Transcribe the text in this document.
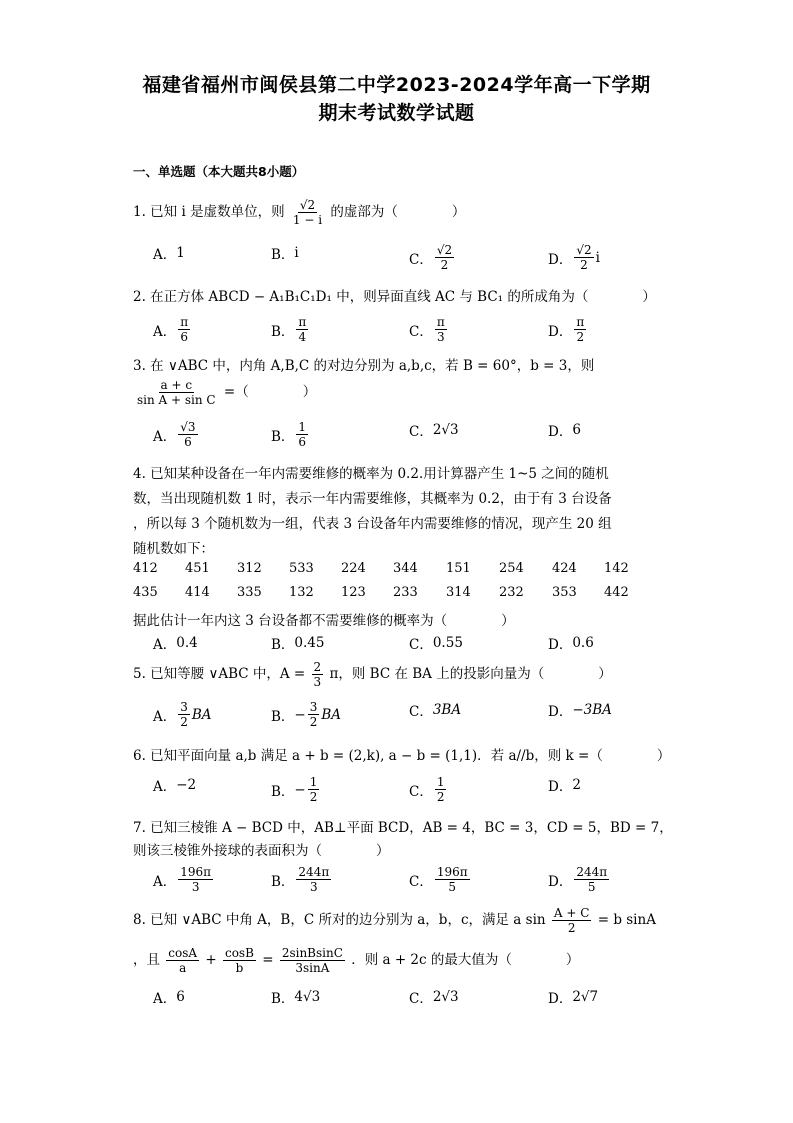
福建省福州市闽侯县第二中学2023-2024学年高一下学期
期末考试数学试题
一、单选题（本大题共8小题）
1. 已知 i 是虚数单位，则 $\frac{√2}{1 - i}$ 的虚部为（　　　　）
A． 1	B． i	C． $\frac{√2}{2}$	D． $\frac{√2}{2}$ i
2. 在正方体 ABCD − A₁B₁C₁D₁ 中，则异面直线 AC 与 BC₁ 的所成角为（　　　　）
A． $\frac{\pi}{6}$	B． $\frac{\pi}{4}$	C． $\frac{\pi}{3}$	D． $\frac{\pi}{2}$
3. 在 ∨ABC 中，内角 A,B,C 的对边分别为 a,b,c，若 B = 60°，b = 3，则
$\frac{a + c}{\text{sin A + sin C}}$ =（　　　　）
A． $\frac{√3}{6}$	B． $\frac{1}{6}$	C． 2√3	D． 6
4. 已知某种设备在一年内需要维修的概率为 0.2.用计算器产生 1~5 之间的随机
数，当出现随机数 1 时，表示一年内需要维修，其概率为 0.2，由于有 3 台设备
，所以每 3 个随机数为一组，代表 3 台设备年内需要维修的情况，现产生 20 组
随机数如下：
412 451 312 533 224 344 151 254 424 142
435 414 335 132 123 233 314 232 353 442
据此估计一年内这 3 台设备都不需要维修的概率为（　　　　）
A． 0.4	B． 0.45	C． 0.55	D． 0.6
5. 已知等腰 ∨ABC 中，$A = \frac{2}{3}$ π，则 BC 在 BA 上的投影向量为（　　　　）
A． $\frac{3}{2}$ BA	B． − $\frac{3}{2}$ BA	C． 3BA	D． −3BA
6. 已知平面向量 a,b 满足 a + b = (2,k), a − b = (1,1)．若 a//b，则 k =（　　　　）
A． −2	B． − $\frac{1}{2}$	C． $\frac{1}{2}$	D． 2
7. 已知三棱锥 A − BCD 中，AB⊥平面 BCD，AB = 4，BC = 3，CD = 5，BD = 7，
则该三棱锥外接球的表面积为（　　　　）
A． $\frac{196\pi}{3}$	B． $\frac{244\pi}{3}$	C． $\frac{196\pi}{5}$	D． $\frac{244\pi}{5}$
8. 已知 ∨ABC 中角 A，B，C 所对的边分别为 a，b，c，满足 a $\sin \frac{A + C}{2} = b$ sinA
，且 $\frac{\cos A}{a} + \frac{\cos B}{b} = \frac{\text{2sinBsinC}}{3\sin A}$ ．则 a + 2c 的最大值为（　　　　）
A． 6	B． 4√3	C． 2√3	D． 2√7
